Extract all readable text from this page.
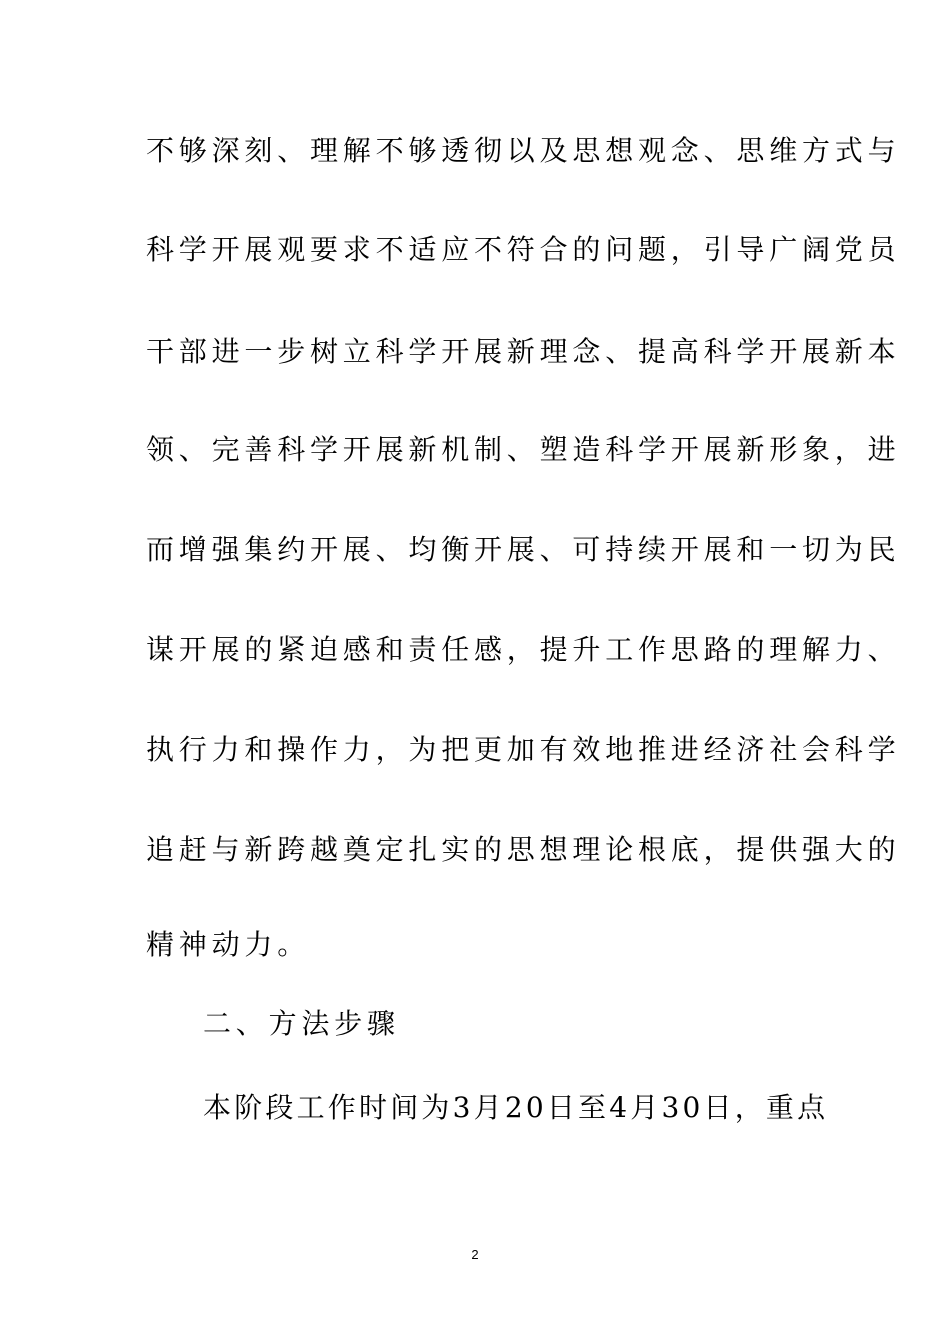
不够深刻、理解不够透彻以及思想观念、思维方式与
科学开展观要求不适应不符合的问题，引导广阔党员
干部进一步树立科学开展新理念、提高科学开展新本
领、完善科学开展新机制、塑造科学开展新形象，进
而增强集约开展、均衡开展、可持续开展和一切为民
谋开展的紧迫感和责任感，提升工作思路的理解力、
执行力和操作力，为把更加有效地推进经济社会科学
追赶与新跨越奠定扎实的思想理论根底，提供强大的
精神动力。
二、方法步骤
本阶段工作时间为3月20日至4月30日，重点
2
